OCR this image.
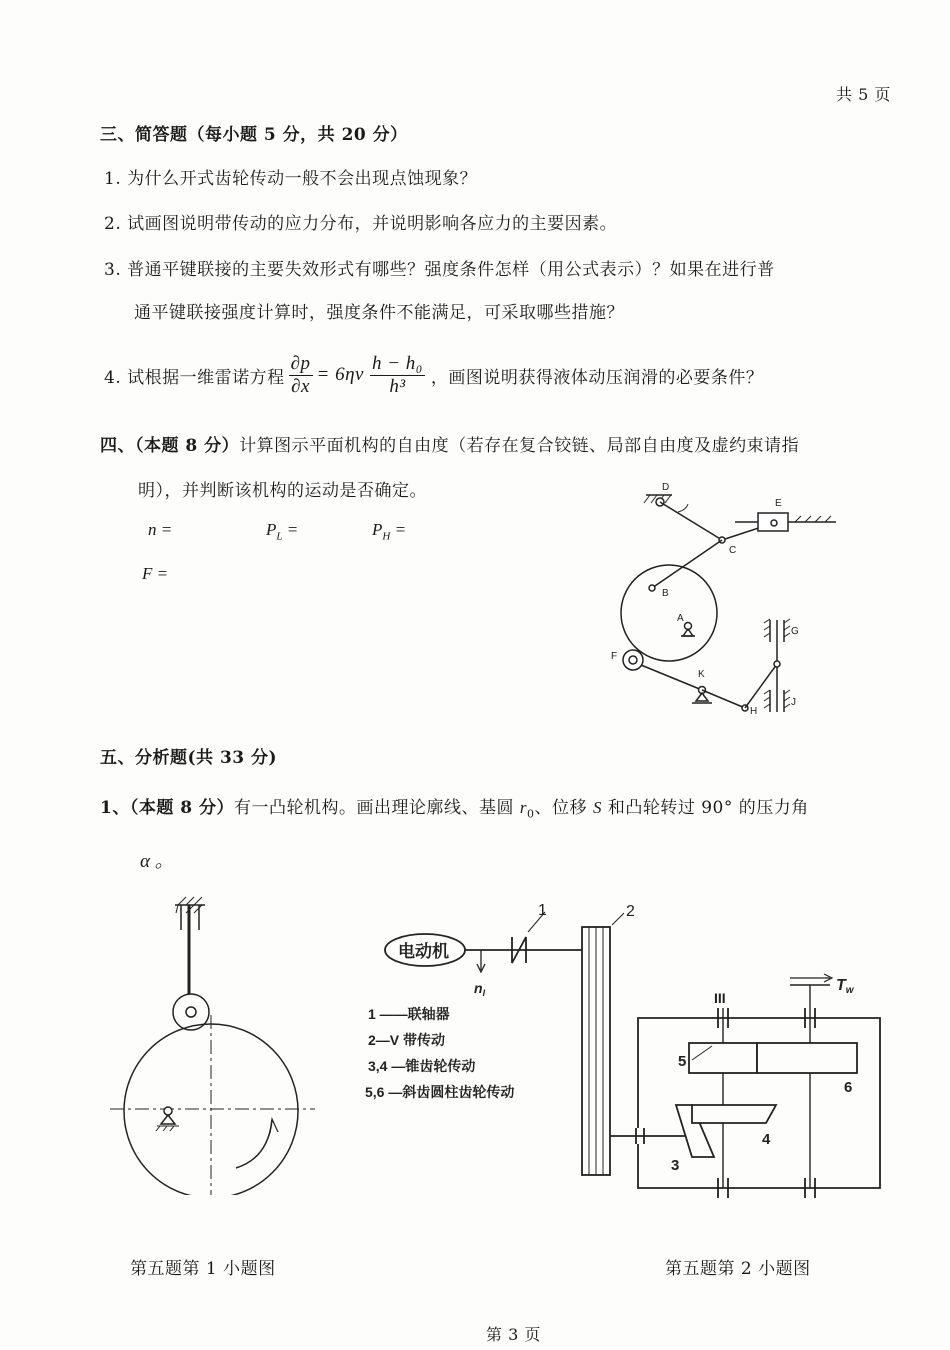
共 5 页
三、简答题（每小题 5 分，共 20 分）
1. 为什么开式齿轮传动一般不会出现点蚀现象？
2. 试画图说明带传动的应力分布，并说明影响各应力的主要因素。
3. 普通平键联接的主要失效形式有哪些？强度条件怎样（用公式表示）？如果在进行普
通平键联接强度计算时，强度条件不能满足，可采取哪些措施？
4. 试根据一维雷诺方程 $\frac{\partial p}{\partial x} = 6\eta\nu \frac{\text{h − h₀}}{\text{h³}}$ ，画图说明获得液体动压润滑的必要条件？
四、（本题 8 分）计算图示平面机构的自由度（若存在复合铰链、局部自由度及虚约束请指
明），并判断该机构的运动是否确定。
n =	$P_L$ =	$P_H$ =
F =
D
E
C
B
A
G
F
K
H
J
五、分析题(共 33 分)
1、（本题 8 分）有一凸轮机构。画出理论廓线、基圆 $r_0$、位移 S 和凸轮转过 90° 的压力角
α 。
电动机
1	2
$n_I$	III
Tw
5
6
4
3
1 ——联轴器
2—V 带传动
3,4 —锥齿轮传动
5,6 —斜齿圆柱齿轮传动
第五题第 1 小题图	第五题第 2 小题图
第 3 页
